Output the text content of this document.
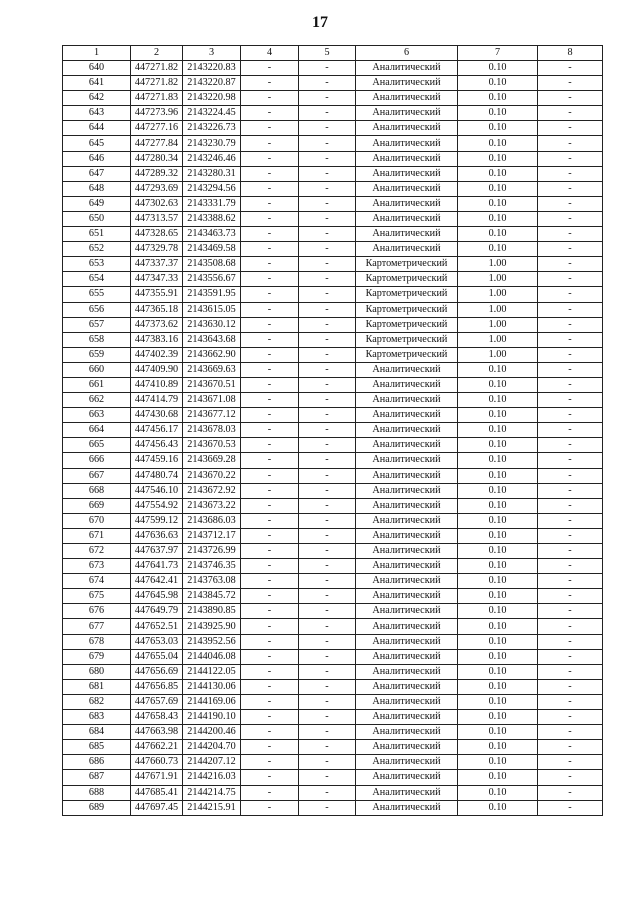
17
1	2	3	4	5	6	7	8
640	447271.82	2143220.83	-	-	Аналитический	0.10	-
641	447271.82	2143220.87	-	-	Аналитический	0.10	-
642	447271.83	2143220.98	-	-	Аналитический	0.10	-
643	447273.96	2143224.45	-	-	Аналитический	0.10	-
644	447277.16	2143226.73	-	-	Аналитический	0.10	-
645	447277.84	2143230.79	-	-	Аналитический	0.10	-
646	447280.34	2143246.46	-	-	Аналитический	0.10	-
647	447289.32	2143280.31	-	-	Аналитический	0.10	-
648	447293.69	2143294.56	-	-	Аналитический	0.10	-
649	447302.63	2143331.79	-	-	Аналитический	0.10	-
650	447313.57	2143388.62	-	-	Аналитический	0.10	-
651	447328.65	2143463.73	-	-	Аналитический	0.10	-
652	447329.78	2143469.58	-	-	Аналитический	0.10	-
653	447337.37	2143508.68	-	-	Картометрический	1.00	-
654	447347.33	2143556.67	-	-	Картометрический	1.00	-
655	447355.91	2143591.95	-	-	Картометрический	1.00	-
656	447365.18	2143615.05	-	-	Картометрический	1.00	-
657	447373.62	2143630.12	-	-	Картометрический	1.00	-
658	447383.16	2143643.68	-	-	Картометрический	1.00	-
659	447402.39	2143662.90	-	-	Картометрический	1.00	-
660	447409.90	2143669.63	-	-	Аналитический	0.10	-
661	447410.89	2143670.51	-	-	Аналитический	0.10	-
662	447414.79	2143671.08	-	-	Аналитический	0.10	-
663	447430.68	2143677.12	-	-	Аналитический	0.10	-
664	447456.17	2143678.03	-	-	Аналитический	0.10	-
665	447456.43	2143670.53	-	-	Аналитический	0.10	-
666	447459.16	2143669.28	-	-	Аналитический	0.10	-
667	447480.74	2143670.22	-	-	Аналитический	0.10	-
668	447546.10	2143672.92	-	-	Аналитический	0.10	-
669	447554.92	2143673.22	-	-	Аналитический	0.10	-
670	447599.12	2143686.03	-	-	Аналитический	0.10	-
671	447636.63	2143712.17	-	-	Аналитический	0.10	-
672	447637.97	2143726.99	-	-	Аналитический	0.10	-
673	447641.73	2143746.35	-	-	Аналитический	0.10	-
674	447642.41	2143763.08	-	-	Аналитический	0.10	-
675	447645.98	2143845.72	-	-	Аналитический	0.10	-
676	447649.79	2143890.85	-	-	Аналитический	0.10	-
677	447652.51	2143925.90	-	-	Аналитический	0.10	-
678	447653.03	2143952.56	-	-	Аналитический	0.10	-
679	447655.04	2144046.08	-	-	Аналитический	0.10	-
680	447656.69	2144122.05	-	-	Аналитический	0.10	-
681	447656.85	2144130.06	-	-	Аналитический	0.10	-
682	447657.69	2144169.06	-	-	Аналитический	0.10	-
683	447658.43	2144190.10	-	-	Аналитический	0.10	-
684	447663.98	2144200.46	-	-	Аналитический	0.10	-
685	447662.21	2144204.70	-	-	Аналитический	0.10	-
686	447660.73	2144207.12	-	-	Аналитический	0.10	-
687	447671.91	2144216.03	-	-	Аналитический	0.10	-
688	447685.41	2144214.75	-	-	Аналитический	0.10	-
689	447697.45	2144215.91	-	-	Аналитический	0.10	-
